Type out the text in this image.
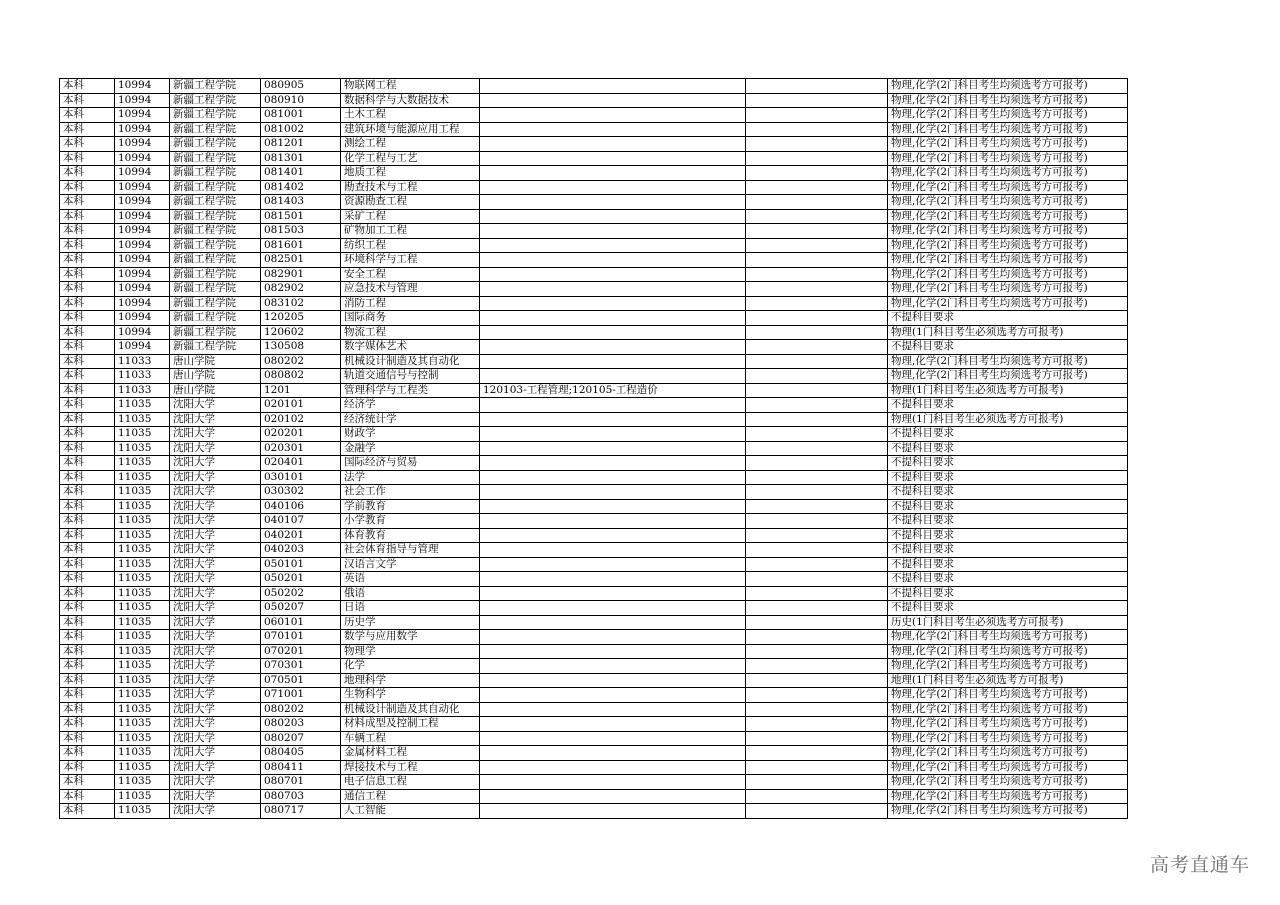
本科	10994	新疆工程学院	080905	物联网工程			物理,化学(2门科目考生均须选考方可报考)
本科	10994	新疆工程学院	080910	数据科学与大数据技术			物理,化学(2门科目考生均须选考方可报考)
本科	10994	新疆工程学院	081001	土木工程			物理,化学(2门科目考生均须选考方可报考)
本科	10994	新疆工程学院	081002	建筑环境与能源应用工程			物理,化学(2门科目考生均须选考方可报考)
本科	10994	新疆工程学院	081201	测绘工程			物理,化学(2门科目考生均须选考方可报考)
本科	10994	新疆工程学院	081301	化学工程与工艺			物理,化学(2门科目考生均须选考方可报考)
本科	10994	新疆工程学院	081401	地质工程			物理,化学(2门科目考生均须选考方可报考)
本科	10994	新疆工程学院	081402	勘查技术与工程			物理,化学(2门科目考生均须选考方可报考)
本科	10994	新疆工程学院	081403	资源勘查工程			物理,化学(2门科目考生均须选考方可报考)
本科	10994	新疆工程学院	081501	采矿工程			物理,化学(2门科目考生均须选考方可报考)
本科	10994	新疆工程学院	081503	矿物加工工程			物理,化学(2门科目考生均须选考方可报考)
本科	10994	新疆工程学院	081601	纺织工程			物理,化学(2门科目考生均须选考方可报考)
本科	10994	新疆工程学院	082501	环境科学与工程			物理,化学(2门科目考生均须选考方可报考)
本科	10994	新疆工程学院	082901	安全工程			物理,化学(2门科目考生均须选考方可报考)
本科	10994	新疆工程学院	082902	应急技术与管理			物理,化学(2门科目考生均须选考方可报考)
本科	10994	新疆工程学院	083102	消防工程			物理,化学(2门科目考生均须选考方可报考)
本科	10994	新疆工程学院	120205	国际商务			不提科目要求
本科	10994	新疆工程学院	120602	物流工程			物理(1门科目考生必须选考方可报考)
本科	10994	新疆工程学院	130508	数字媒体艺术			不提科目要求
本科	11033	唐山学院	080202	机械设计制造及其自动化			物理,化学(2门科目考生均须选考方可报考)
本科	11033	唐山学院	080802	轨道交通信号与控制			物理,化学(2门科目考生均须选考方可报考)
本科	11033	唐山学院	1201	管理科学与工程类	120103-工程管理;120105-工程造价		物理(1门科目考生必须选考方可报考)
本科	11035	沈阳大学	020101	经济学			不提科目要求
本科	11035	沈阳大学	020102	经济统计学			物理(1门科目考生必须选考方可报考)
本科	11035	沈阳大学	020201	财政学			不提科目要求
本科	11035	沈阳大学	020301	金融学			不提科目要求
本科	11035	沈阳大学	020401	国际经济与贸易			不提科目要求
本科	11035	沈阳大学	030101	法学			不提科目要求
本科	11035	沈阳大学	030302	社会工作			不提科目要求
本科	11035	沈阳大学	040106	学前教育			不提科目要求
本科	11035	沈阳大学	040107	小学教育			不提科目要求
本科	11035	沈阳大学	040201	体育教育			不提科目要求
本科	11035	沈阳大学	040203	社会体育指导与管理			不提科目要求
本科	11035	沈阳大学	050101	汉语言文学			不提科目要求
本科	11035	沈阳大学	050201	英语			不提科目要求
本科	11035	沈阳大学	050202	俄语			不提科目要求
本科	11035	沈阳大学	050207	日语			不提科目要求
本科	11035	沈阳大学	060101	历史学			历史(1门科目考生必须选考方可报考)
本科	11035	沈阳大学	070101	数学与应用数学			物理,化学(2门科目考生均须选考方可报考)
本科	11035	沈阳大学	070201	物理学			物理,化学(2门科目考生均须选考方可报考)
本科	11035	沈阳大学	070301	化学			物理,化学(2门科目考生均须选考方可报考)
本科	11035	沈阳大学	070501	地理科学			地理(1门科目考生必须选考方可报考)
本科	11035	沈阳大学	071001	生物科学			物理,化学(2门科目考生均须选考方可报考)
本科	11035	沈阳大学	080202	机械设计制造及其自动化			物理,化学(2门科目考生均须选考方可报考)
本科	11035	沈阳大学	080203	材料成型及控制工程			物理,化学(2门科目考生均须选考方可报考)
本科	11035	沈阳大学	080207	车辆工程			物理,化学(2门科目考生均须选考方可报考)
本科	11035	沈阳大学	080405	金属材料工程			物理,化学(2门科目考生均须选考方可报考)
本科	11035	沈阳大学	080411	焊接技术与工程			物理,化学(2门科目考生均须选考方可报考)
本科	11035	沈阳大学	080701	电子信息工程			物理,化学(2门科目考生均须选考方可报考)
本科	11035	沈阳大学	080703	通信工程			物理,化学(2门科目考生均须选考方可报考)
本科	11035	沈阳大学	080717	人工智能			物理,化学(2门科目考生均须选考方可报考)
高考直通车
